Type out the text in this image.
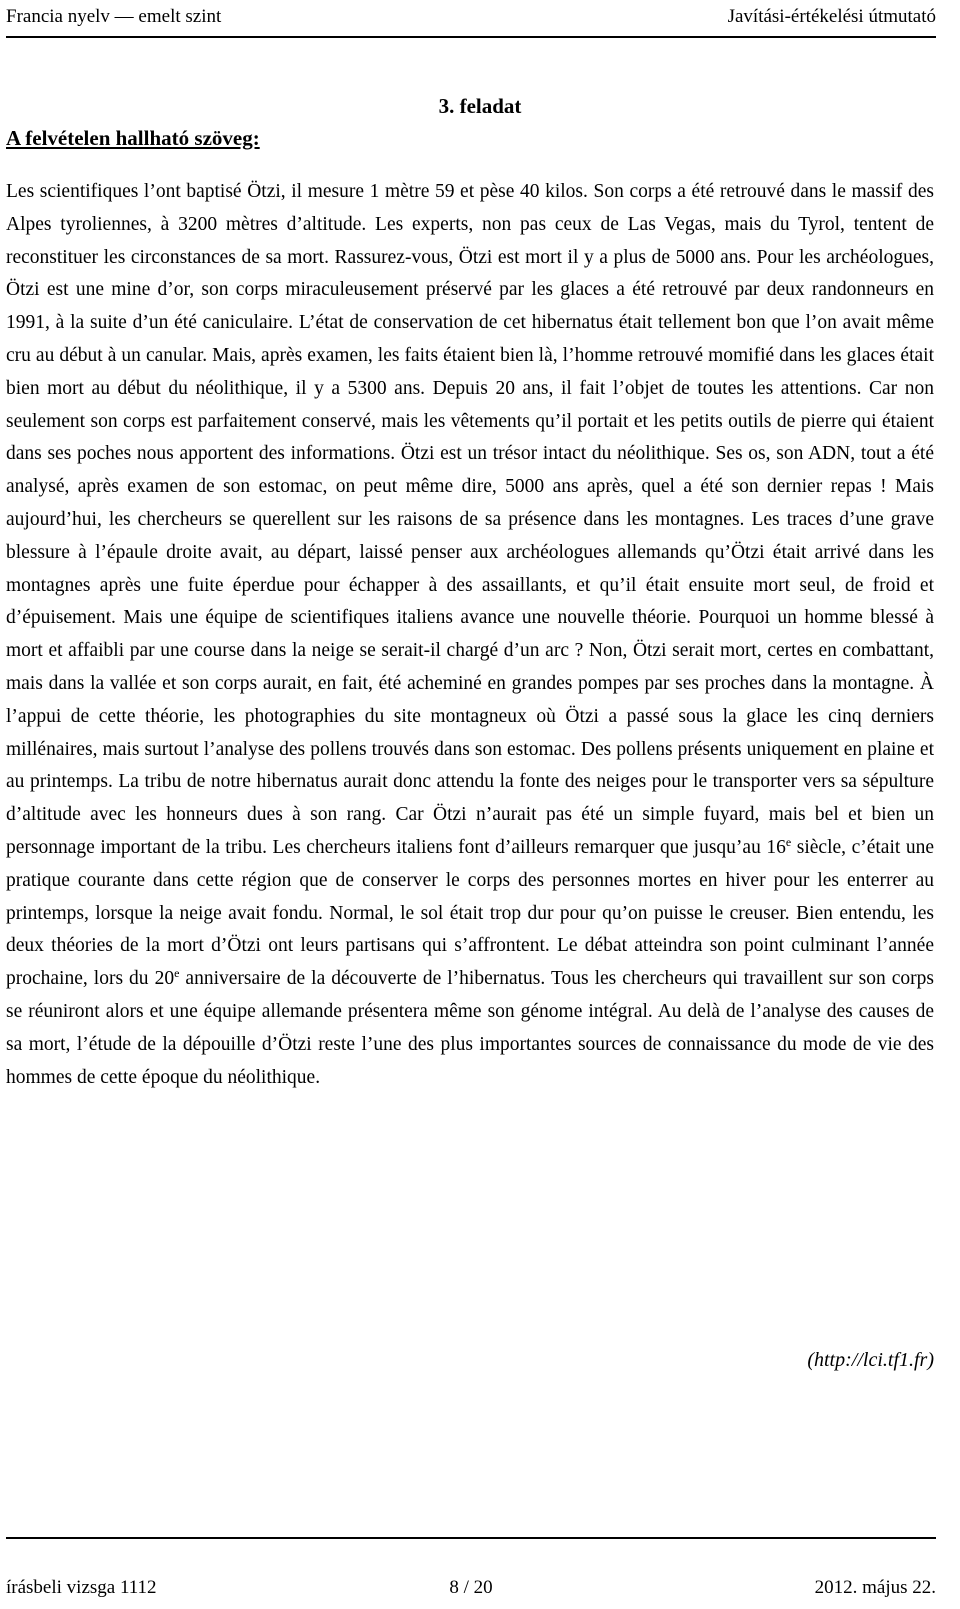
Francia nyelv — emelt szint	Javítási-értékelési útmutató
3. feladat
A felvételen hallható szöveg:
Les scientifiques l’ont baptisé Ötzi, il mesure 1 mètre 59 et pèse 40 kilos. Son corps a été retrouvé dans le massif des Alpes tyroliennes, à 3200 mètres d’altitude. Les experts, non pas ceux de Las Vegas, mais du Tyrol, tentent de reconstituer les circonstances de sa mort. Rassurez-vous, Ötzi est mort il y a plus de 5000 ans. Pour les archéologues, Ötzi est une mine d’or, son corps miraculeusement préservé par les glaces a été retrouvé par deux randonneurs en 1991, à la suite d’un été caniculaire. L’état de conservation de cet hibernatus était tellement bon que l’on avait même cru au début à un canular. Mais, après examen, les faits étaient bien là, l’homme retrouvé momifié dans les glaces était bien mort au début du néolithique, il y a 5300 ans. Depuis 20 ans, il fait l’objet de toutes les attentions. Car non seulement son corps est parfaitement conservé, mais les vêtements qu’il portait et les petits outils de pierre qui étaient dans ses poches nous apportent des informations. Ötzi est un trésor intact du néolithique. Ses os, son ADN, tout a été analysé, après examen de son estomac, on peut même dire, 5000 ans après, quel a été son dernier repas ! Mais aujourd’hui, les chercheurs se querellent sur les raisons de sa présence dans les montagnes. Les traces d’une grave blessure à l’épaule droite avait, au départ, laissé penser aux archéologues allemands qu’Ötzi était arrivé dans les montagnes après une fuite éperdue pour échapper à des assaillants, et qu’il était ensuite mort seul, de froid et d’épuisement. Mais une équipe de scientifiques italiens avance une nouvelle théorie. Pourquoi un homme blessé à mort et affaibli par une course dans la neige se serait-il chargé d’un arc ? Non, Ötzi serait mort, certes en combattant, mais dans la vallée et son corps aurait, en fait, été acheminé en grandes pompes par ses proches dans la montagne. À l’appui de cette théorie, les photographies du site montagneux où Ötzi a passé sous la glace les cinq derniers millénaires, mais surtout l’analyse des pollens trouvés dans son estomac. Des pollens présents uniquement en plaine et au printemps. La tribu de notre hibernatus aurait donc attendu la fonte des neiges pour le transporter vers sa sépulture d’altitude avec les honneurs dues à son rang. Car Ötzi n’aurait pas été un simple fuyard, mais bel et bien un personnage important de la tribu. Les chercheurs italiens font d’ailleurs remarquer que jusqu’au 16e siècle, c’était une pratique courante dans cette région que de conserver le corps des personnes mortes en hiver pour les enterrer au printemps, lorsque la neige avait fondu. Normal, le sol était trop dur pour qu’on puisse le creuser. Bien entendu, les deux théories de la mort d’Ötzi ont leurs partisans qui s’affrontent. Le débat atteindra son point culminant l’année prochaine, lors du 20e anniversaire de la découverte de l’hibernatus. Tous les chercheurs qui travaillent sur son corps se réuniront alors et une équipe allemande présentera même son génome intégral. Au delà de l’analyse des causes de sa mort, l’étude de la dépouille d’Ötzi reste l’une des plus importantes sources de connaissance du mode de vie des hommes de cette époque du néolithique.
(http://lci.tf1.fr)
írásbeli vizsga 1112	8 / 20	2012. május 22.
